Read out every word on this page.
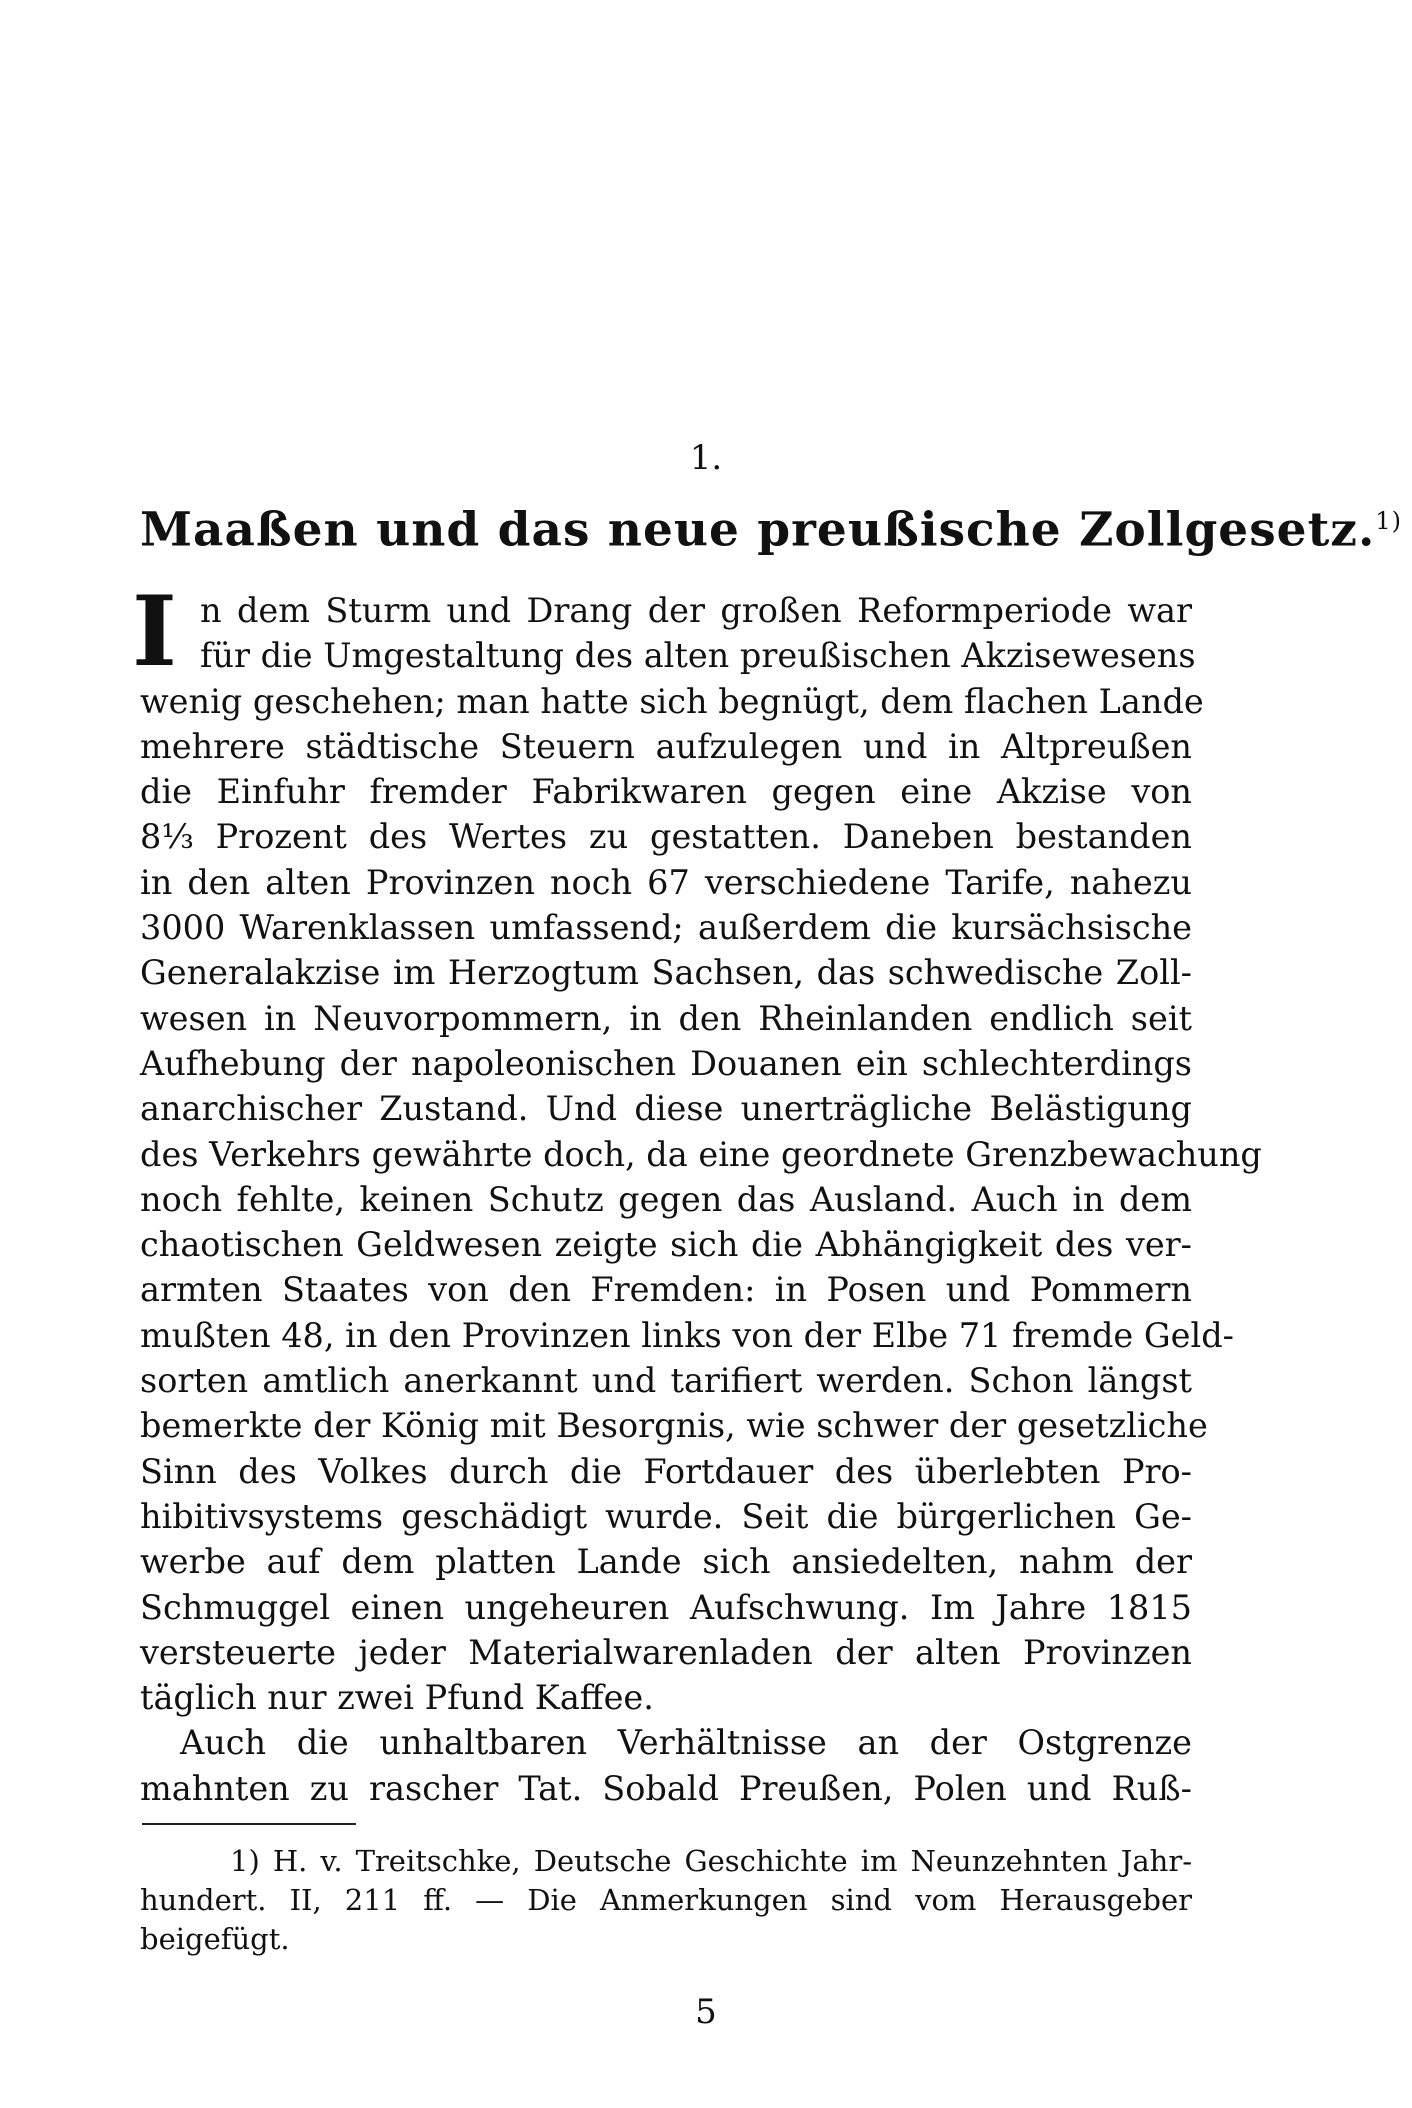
1.
Maaßen und das neue preußische Zollgesetz.$^{1)}$
I n dem Sturm und Drang der großen Reformperiode war
für die Umgestaltung des alten preußischen Akzisewesens
wenig geschehen; man hatte sich begnügt, dem flachen Lande
mehrere städtische Steuern aufzulegen und in Altpreußen
die Einfuhr fremder Fabrikwaren gegen eine Akzise von
8⅓ Prozent des Wertes zu gestatten. Daneben bestanden
in den alten Provinzen noch 67 verschiedene Tarife, nahezu
3000 Warenklassen umfassend; außerdem die kursächsische
Generalakzise im Herzogtum Sachsen, das schwedische Zoll-
wesen in Neuvorpommern, in den Rheinlanden endlich seit
Aufhebung der napoleonischen Douanen ein schlechterdings
anarchischer Zustand. Und diese unerträgliche Belästigung
des Verkehrs gewährte doch, da eine geordnete Grenzbewachung
noch fehlte, keinen Schutz gegen das Ausland. Auch in dem
chaotischen Geldwesen zeigte sich die Abhängigkeit des ver-
armten Staates von den Fremden: in Posen und Pommern
mußten 48, in den Provinzen links von der Elbe 71 fremde Geld-
sorten amtlich anerkannt und tarifiert werden. Schon längst
bemerkte der König mit Besorgnis, wie schwer der gesetzliche
Sinn des Volkes durch die Fortdauer des überlebten Pro-
hibitivsystems geschädigt wurde. Seit die bürgerlichen Ge-
werbe auf dem platten Lande sich ansiedelten, nahm der
Schmuggel einen ungeheuren Aufschwung. Im Jahre 1815
versteuerte jeder Materialwarenladen der alten Provinzen
täglich nur zwei Pfund Kaffee.
Auch die unhaltbaren Verhältnisse an der Ostgrenze
mahnten zu rascher Tat. Sobald Preußen, Polen und Ruß-
1) H. v. Treitschke, Deutsche Geschichte im Neunzehnten Jahr-
hundert. II, 211 ff. — Die Anmerkungen sind vom Herausgeber
beigefügt.
5
